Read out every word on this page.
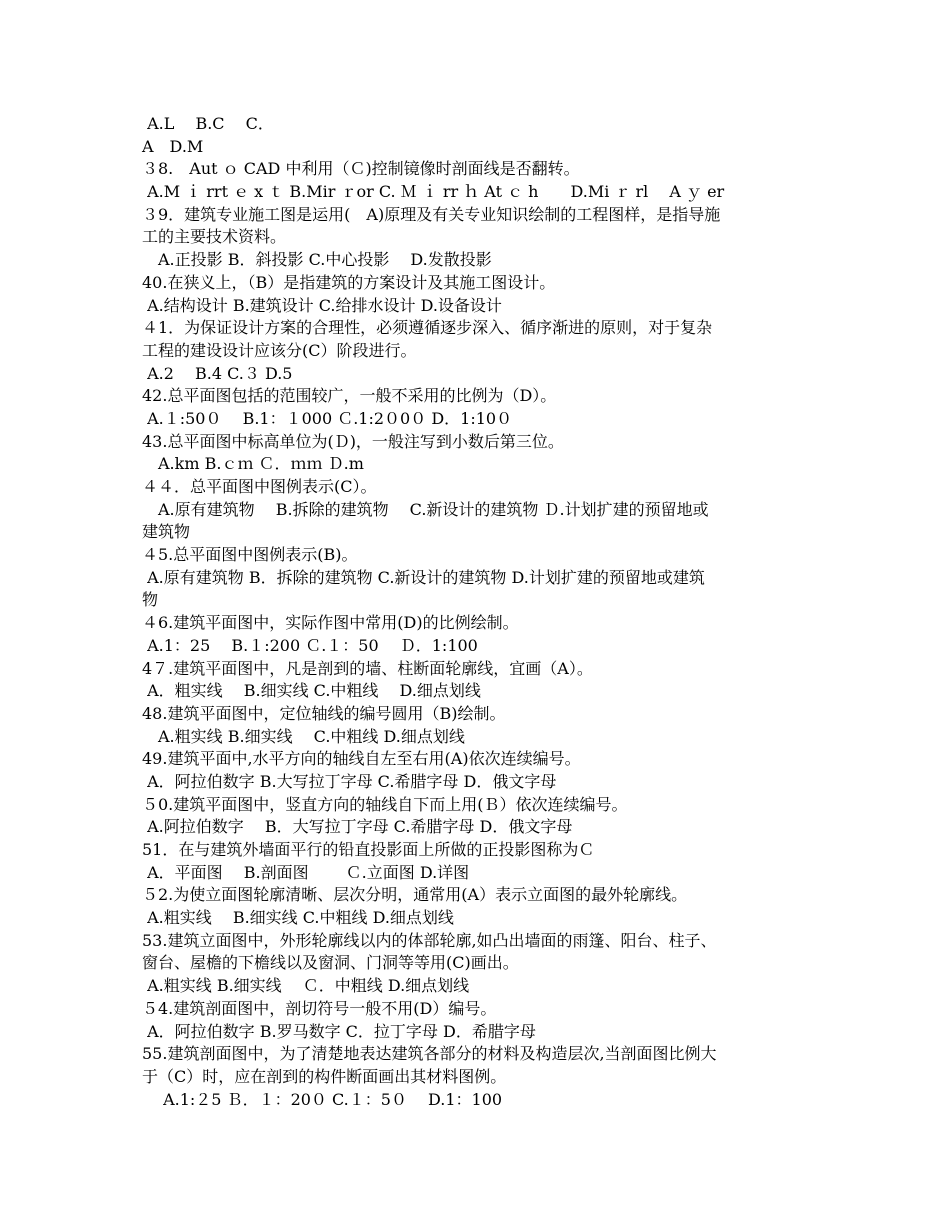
A.L　 B.C　 C．
A　D.M
３8.　Aut ｏ CAD 中利用（Ｃ)控制镜像时剖面线是否翻转。
A.M ｉ rrt ｅ x ｔ B.Mir ｒor C. Ｍ ｉ rr ｈ At ｃ h　　D.Mi ｒ rl　 A ｙ er
３9．建筑专业施工图是运用(　A)原理及有关专业知识绘制的工程图样，是指导施
工的主要技术资料。
　A.正投影 B．斜投影 C.中心投影　 D.发散投影
40.在狭义上，（B）是指建筑的方案设计及其施工图设计。
A.结构设计 B.建筑设计 C.给排水设计 D.设备设计
４1．为保证设计方案的合理性，必须遵循逐步深入、循序渐进的原则，对于复杂
工程的建设设计应该分(C）阶段进行。
A.2　 B.4 C.３ D.5
42.总平面图包括的范围较广，一般不采用的比例为（D）。
A.１:50０　 B.1：１000 Ｃ.1:2０0０ D．1:10０
43.总平面图中标高单位为(Ｄ)，一般注写到小数后第三位。
　A.km B.ｃｍ Ｃ．ｍｍ Ｄ.m
４４．总平面图中图例表示(C）。
　A.原有建筑物　 B.拆除的建筑物　 C.新设计的建筑物 Ｄ.计划扩建的预留地或
建筑物
４5.总平面图中图例表示(B)。
A.原有建筑物 B．拆除的建筑物 C.新设计的建筑物 D.计划扩建的预留地或建筑
物
４6.建筑平面图中，实际作图中常用(D)的比例绘制。
A.1：25　 B.１:200 Ｃ.１：50　 Ｄ．1:100
4７.建筑平面图中，凡是剖到的墙、柱断面轮廓线，宜画（A）。
A．粗实线　 B.细实线 C.中粗线　 D.细点划线
48.建筑平面图中，定位轴线的编号圆用（B)绘制。
　A.粗实线 B.细实线　 C.中粗线 D.细点划线
49.建筑平面中,水平方向的轴线自左至右用(A)依次连续编号。
A．阿拉伯数字 B.大写拉丁字母 C.希腊字母 D．俄文字母
５0.建筑平面图中，竖直方向的轴线自下而上用(Ｂ）依次连续编号。
A.阿拉伯数字　 B．大写拉丁字母 C.希腊字母 D．俄文字母
51．在与建筑外墙面平行的铅直投影面上所做的正投影图称为Ｃ
A．平面图　 B.剖面图　　 Ｃ.立面图 D.详图
５2.为使立面图轮廓清晰、层次分明，通常用(A）表示立面图的最外轮廓线。
A.粗实线　 B.细实线 C.中粗线 D.细点划线
53.建筑立面图中，外形轮廓线以内的体部轮廓,如凸出墙面的雨篷、阳台、柱子、
窗台、屋檐的下檐线以及窗洞、门洞等等用(C)画出。
A.粗实线 B.细实线　 Ｃ．中粗线 D.细点划线
５4.建筑剖面图中，剖切符号一般不用(D）编号。
A．阿拉伯数字 B.罗马数字 C．拉丁字母 D．希腊字母
55.建筑剖面图中，为了清楚地表达建筑各部分的材料及构造层次,当剖面图比例大
于（C）时，应在剖到的构件断面画出其材料图例。
　 A.1:２5 Ｂ．１：20０ C.１：5０　 D.1：100
